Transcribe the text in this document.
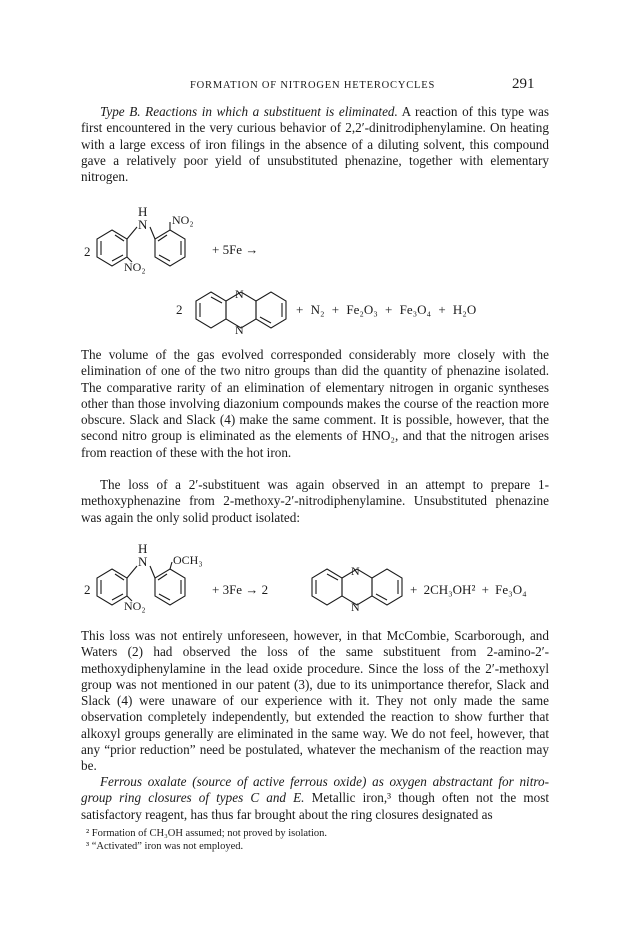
FORMATION OF NITROGEN HETEROCYCLES	291

Type B. Reactions in which a substituent is eliminated. A reaction of this type was first encountered in the very curious behavior of 2,2′-dinitrodiphenylamine. On heating with a large excess of iron filings in the absence of a diluting solvent, this compound gave a relatively poor yield of unsubstituted phenazine, together with elementary nitrogen.

2
H
N NO₂
NO₂
+ 5Fe →
2
N
N
+ N₂ + Fe₂O₃ + Fe₃O₄ + H₂O

The volume of the gas evolved corresponded considerably more closely with the elimination of one of the two nitro groups than did the quantity of phenazine isolated. The comparative rarity of an elimination of elementary nitrogen in organic syntheses other than those involving diazonium compounds makes the course of the reaction more obscure. Slack and Slack (4) make the same comment. It is possible, however, that the second nitro group is eliminated as the elements of HNO₂, and that the nitrogen arises from reaction of these with the hot iron.

The loss of a 2′-substituent was again observed in an attempt to prepare 1-methoxyphenazine from 2-methoxy-2′-nitrodiphenylamine. Unsubstituted phenazine was again the only solid product isolated:

2
H
N OCH₃
NO₂
+ 3Fe → 2
N
N
+ 2CH₃OH² + Fe₃O₄

This loss was not entirely unforeseen, however, in that McCombie, Scarborough, and Waters (2) had observed the loss of the same substituent from 2-amino-2′-methoxydiphenylamine in the lead oxide procedure. Since the loss of the 2′-methoxyl group was not mentioned in our patent (3), due to its unimportance therefor, Slack and Slack (4) were unaware of our experience with it. They not only made the same observation completely independently, but extended the reaction to show further that alkoxyl groups generally are eliminated in the same way. We do not feel, however, that any “prior reduction” need be postulated, whatever the mechanism of the reaction may be.

Ferrous oxalate (source of active ferrous oxide) as oxygen abstractant for nitro-group ring closures of types C and E. Metallic iron,³ though often not the most satisfactory reagent, has thus far brought about the ring closures designated as

² Formation of CH₃OH assumed; not proved by isolation.
³ “Activated” iron was not employed.
